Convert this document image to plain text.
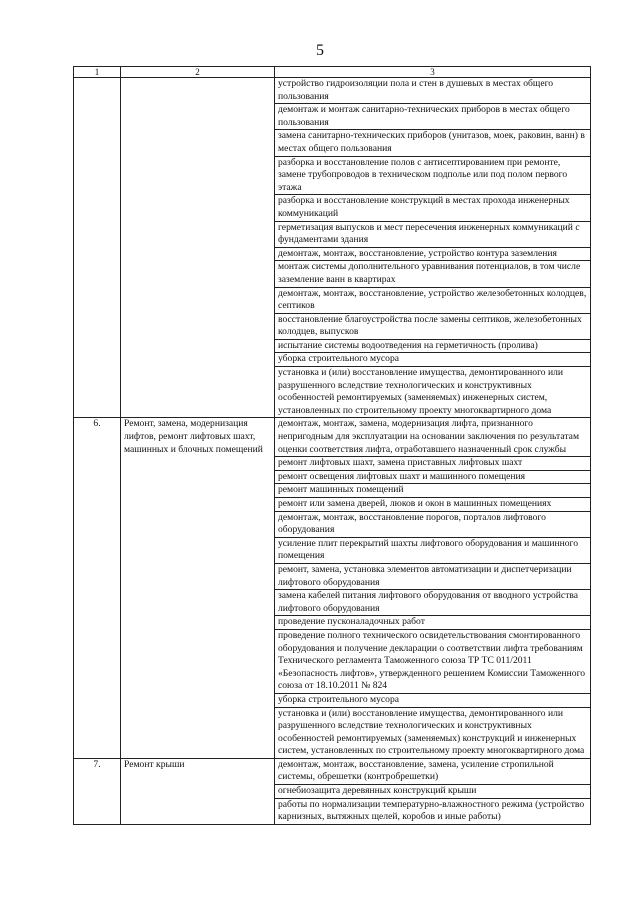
5
1	2	3
		устройство гидроизоляции пола и стен в душевых в местах общего пользования
		демонтаж и монтаж санитарно-технических приборов в местах общего пользования
		замена санитарно-технических приборов (унитазов, моек, раковин, ванн) в местах общего пользования
		разборка и восстановление полов с антисептированием при ремонте, замене трубопроводов в техническом подполье или под полом первого этажа
		разборка и восстановление конструкций в местах прохода инженерных коммуникаций
		герметизация выпусков и мест пересечения инженерных коммуникаций с фундаментами здания
		демонтаж, монтаж, восстановление, устройство контура заземления
		монтаж системы дополнительного уравнивания потенциалов, в том числе заземление ванн в квартирах
		демонтаж, монтаж, восстановление, устройство железобетонных колодцев, септиков
		восстановление благоустройства после замены септиков, железобетонных колодцев, выпусков
		испытание системы водоотведения на герметичность (пролива)
		уборка строительного мусора
		установка и (или) восстановление имущества, демонтированного или разрушенного вследствие технологических и конструктивных особенностей ремонтируемых (заменяемых) инженерных систем, установленных по строительному проекту многоквартирного дома
6.	Ремонт, замена, модернизация лифтов, ремонт лифтовых шахт, машинных и блочных помещений	демонтаж, монтаж, замена, модернизация лифта, признанного непригодным для эксплуатации на основании заключения по результатам оценки соответствия лифта, отработавшего назначенный срок службы
		ремонт лифтовых шахт, замена приставных лифтовых шахт
		ремонт освещения лифтовых шахт и машинного помещения
		ремонт машинных помещений
		ремонт или замена дверей, люков и окон в машинных помещениях
		демонтаж, монтаж, восстановление порогов, порталов лифтового оборудования
		усиление плит перекрытий шахты лифтового оборудования и машинного помещения
		ремонт, замена, установка элементов автоматизации и диспетчеризации лифтового оборудования
		замена кабелей питания лифтового оборудования от вводного устройства лифтового оборудования
		проведение пусконаладочных работ
		проведение полного технического освидетельствования смонтированного оборудования и получение декларации о соответствии лифта требованиям Технического регламента Таможенного союза ТР ТС 011/2011 «Безопасность лифтов», утвержденного решением Комиссии Таможенного союза от 18.10.2011 № 824
		уборка строительного мусора
		установка и (или) восстановление имущества, демонтированного или разрушенного вследствие технологических и конструктивных особенностей ремонтируемых (заменяемых) конструкций и инженерных систем, установленных по строительному проекту многоквартирного дома
7.	Ремонт крыши	демонтаж, монтаж, восстановление, замена, усиление стропильной системы, обрешетки (контробрешетки)
		огнебиозащита деревянных конструкций крыши
		работы по нормализации температурно-влажностного режима (устройство карнизных, вытяжных щелей, коробов и иные работы)
